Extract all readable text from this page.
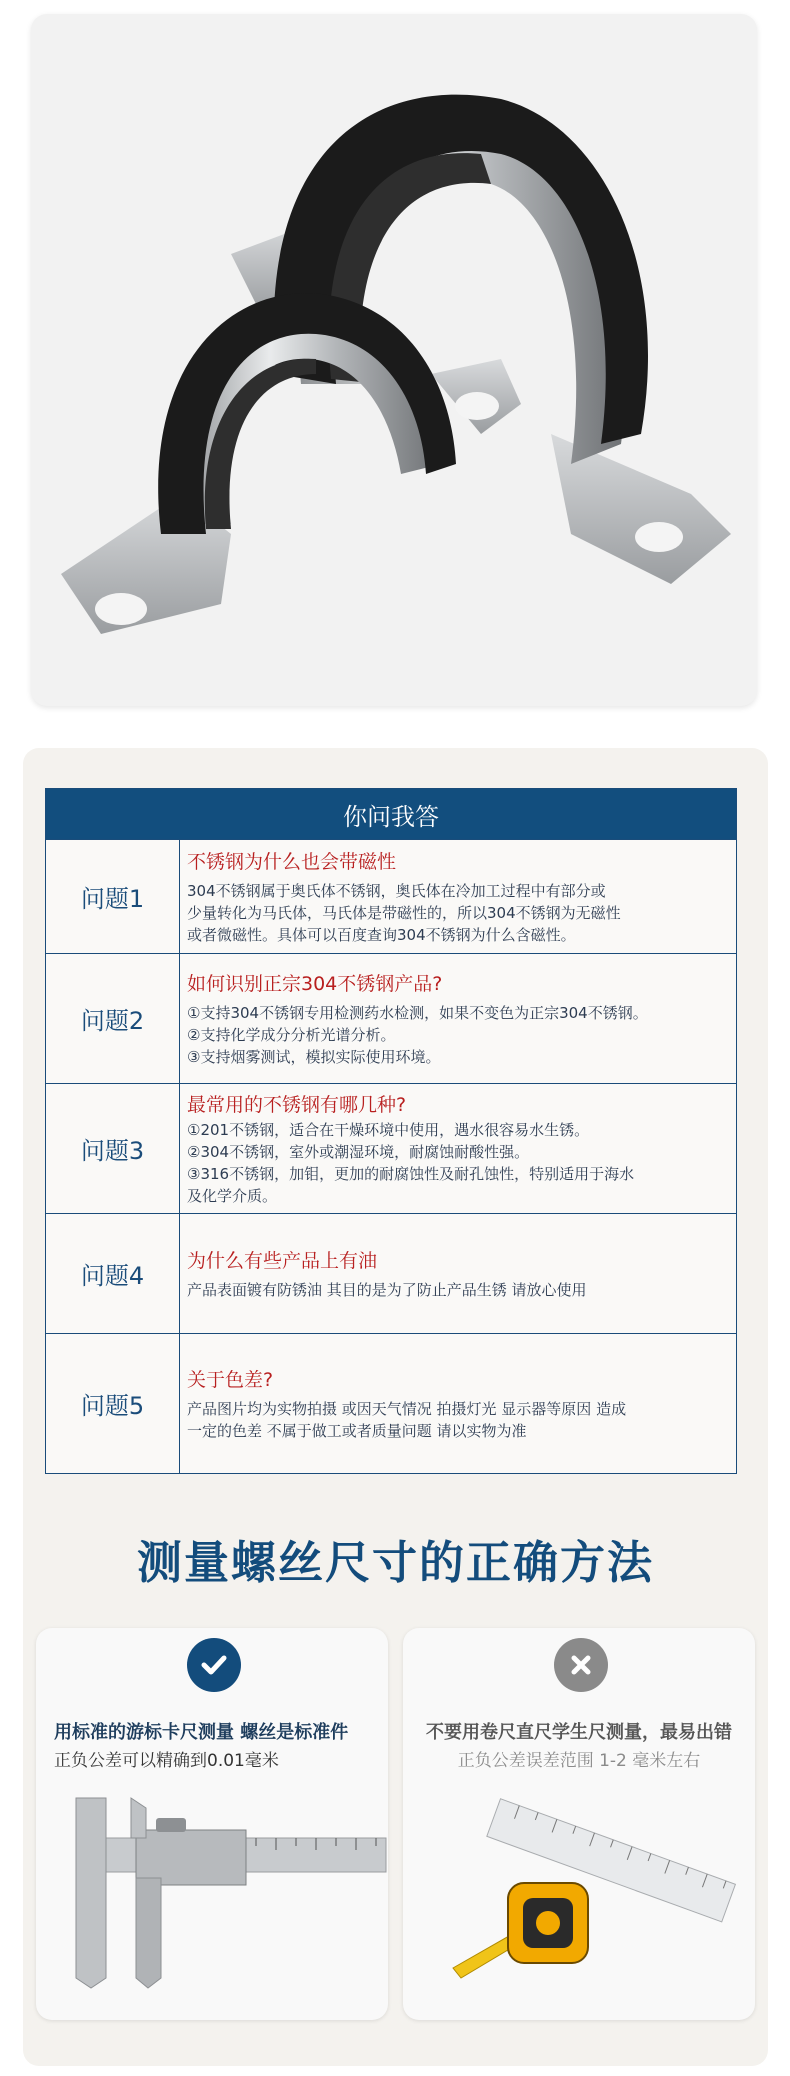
你问我答
问题1
不锈钢为什么也会带磁性
304不锈钢属于奥氏体不锈钢，奥氏体在冷加工过程中有部分或
少量转化为马氏体，马氏体是带磁性的，所以304不锈钢为无磁性
或者微磁性。具体可以百度查询304不锈钢为什么含磁性。
问题2
如何识别正宗304不锈钢产品?
①支持304不锈钢专用检测药水检测，如果不变色为正宗304不锈钢。
②支持化学成分分析光谱分析。
③支持烟雾测试，模拟实际使用环境。
问题3
最常用的不锈钢有哪几种?
①201不锈钢，适合在干燥环境中使用，遇水很容易水生锈。
②304不锈钢，室外或潮湿环境，耐腐蚀耐酸性强。
③316不锈钢，加钼，更加的耐腐蚀性及耐孔蚀性，特别适用于海水
及化学介质。
问题4
为什么有些产品上有油
产品表面镀有防锈油 其目的是为了防止产品生锈 请放心使用
问题5
关于色差?
产品图片均为实物拍摄 或因天气情况 拍摄灯光 显示器等原因 造成
一定的色差 不属于做工或者质量问题 请以实物为准
测量螺丝尺寸的正确方法
用标准的游标卡尺测量 螺丝是标准件
正负公差可以精确到0.01毫米
不要用卷尺直尺学生尺测量，最易出错
正负公差误差范围 1-2 毫米左右
